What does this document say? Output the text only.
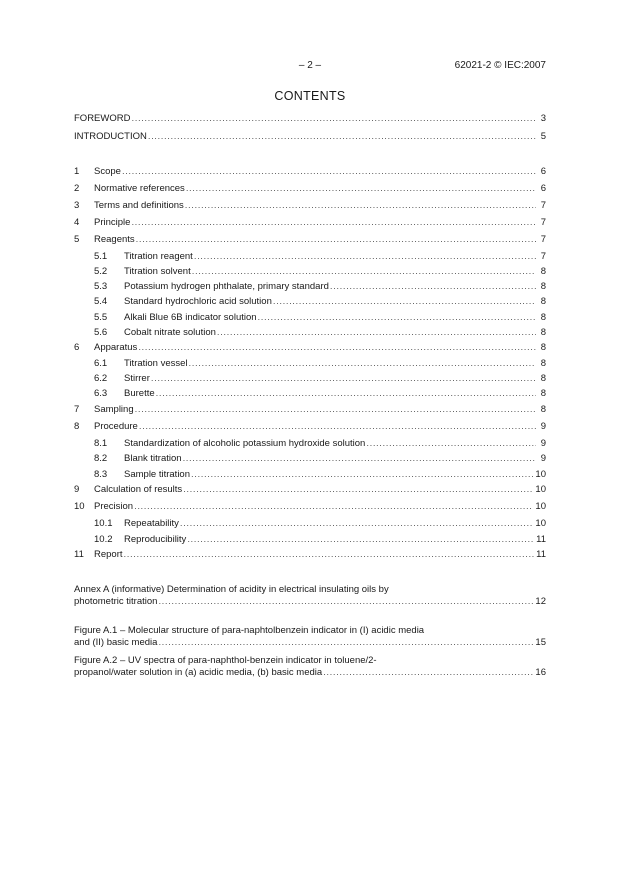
– 2 –	62021-2 © IEC:2007
CONTENTS
FOREWORD .....	3
INTRODUCTION .....	5
1	Scope .....	6
2	Normative references .....	6
3	Terms and definitions .....	7
4	Principle .....	7
5	Reagents .....	7
5.1	Titration reagent .....	7
5.2	Titration solvent .....	8
5.3	Potassium hydrogen phthalate, primary standard .....	8
5.4	Standard hydrochloric acid solution .....	8
5.5	Alkali Blue 6B indicator solution .....	8
5.6	Cobalt nitrate solution .....	8
6	Apparatus .....	8
6.1	Titration vessel .....	8
6.2	Stirrer .....	8
6.3	Burette .....	8
7	Sampling .....	8
8	Procedure .....	9
8.1	Standardization of alcoholic potassium hydroxide solution .....	9
8.2	Blank titration .....	9
8.3	Sample titration .....	10
9	Calculation of results .....	10
10 Precision .....	10
10.1	Repeatability .....	10
10.2	Reproducibility .....	11
11	Report .....	11
Annex A (informative) Determination of acidity in electrical insulating oils by
photometric titration .....	12
Figure A.1 – Molecular structure of para-naphtolbenzein indicator in (I) acidic media
and (II) basic media .....	15
Figure A.2 – UV spectra of para-naphthol-benzein indicator in toluene/2-
propanol/water solution in (a) acidic media, (b) basic media .....	16
